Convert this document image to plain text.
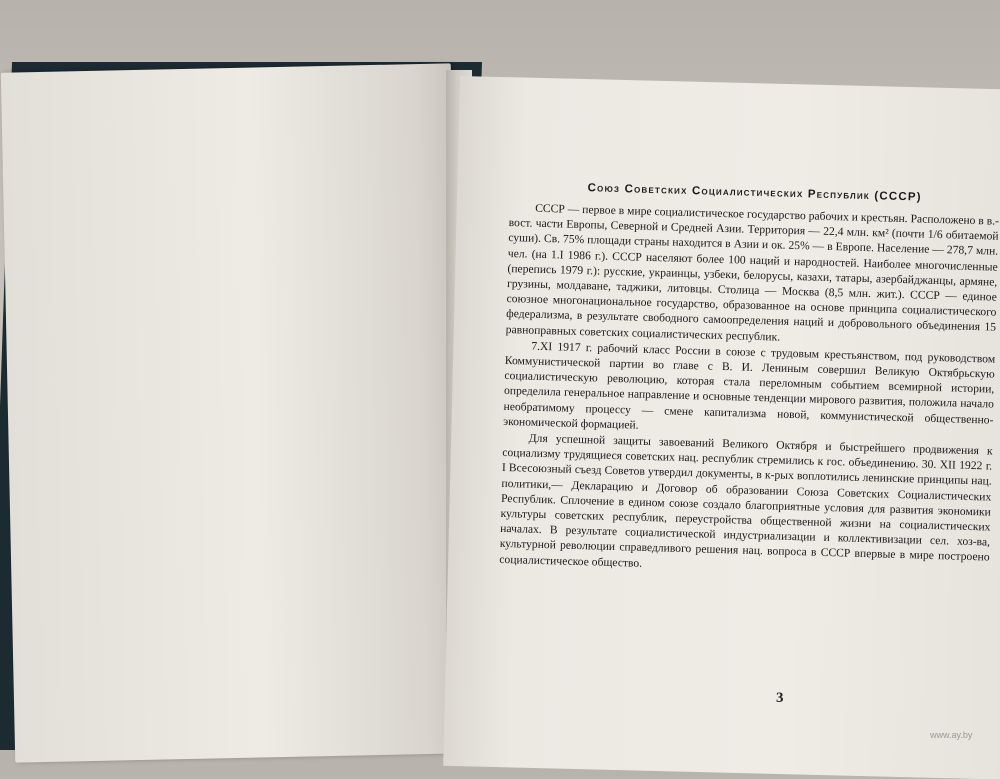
Союз Советских Социалистических Республик (СССР)

СССР — первое в мире социалистическое государство рабочих и крестьян. Расположено в в.-вост. части Европы, Северной и Средней Азии. Территория — 22,4 млн. км² (почти 1/6 обитаемой суши). Св. 75% площади страны находится в Азии и ок. 25% — в Европе. Население — 278,7 млн. чел. (на 1.I 1986 г.). СССР населяют более 100 наций и народностей. Наиболее многочисленные (перепись 1979 г.): русские, украинцы, узбеки, белорусы, казахи, татары, азербайджанцы, армяне, грузины, молдаване, таджики, литовцы. Столица — Москва (8,5 млн. жит.). СССР — единое союзное многонациональное государство, образованное на основе принципа социалистического федерализма, в результате свободного самоопределения наций и добровольного объединения 15 равноправных советских социалистических республик.

7.XI 1917 г. рабочий класс России в союзе с трудовым крестьянством, под руководством Коммунистической партии во главе с В. И. Лениным совершил Великую Октябрьскую социалистическую революцию, которая стала переломным событием всемирной истории, определила генеральное направление и основные тенденции мирового развития, положила начало необратимому процессу — смене капитализма новой, коммунистической общественно-экономической формацией.

Для успешной защиты завоеваний Великого Октября и быстрейшего продвижения к социализму трудящиеся советских нац. республик стремились к гос. объединению. 30. XII 1922 г. I Всесоюзный съезд Советов утвердил документы, в к-рых воплотились ленинские принципы нац. политики,— Декларацию и Договор об образовании Союза Советских Социалистических Республик. Сплочение в едином союзе создало благоприятные условия для развития экономики культуры советских республик, переустройства общественной жизни на социалистических началах. В результате социалистической индустриализации и коллективизации сел. хоз-ва, культурной революции справедливого решения нац. вопроса в СССР впервые в мире построено социалистическое общество.

3
www.ay.by
